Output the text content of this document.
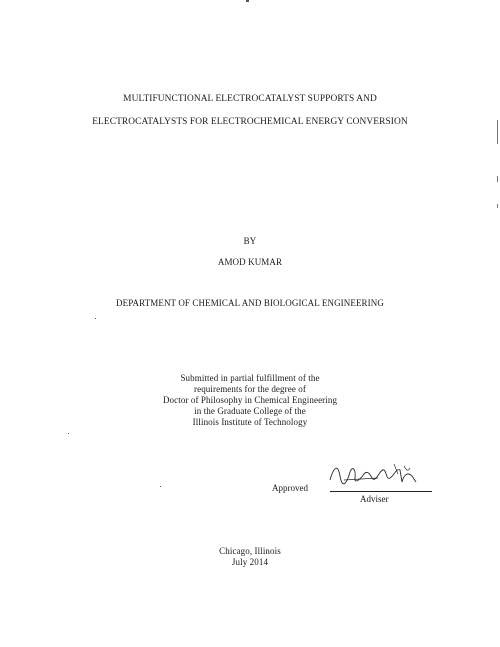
MULTIFUNCTIONAL ELECTROCATALYST SUPPORTS AND
ELECTROCATALYSTS FOR ELECTROCHEMICAL ENERGY CONVERSION
BY
AMOD KUMAR
DEPARTMENT OF CHEMICAL AND BIOLOGICAL ENGINEERING
Submitted in partial fulfillment of the
requirements for the degree of
Doctor of Philosophy in Chemical Engineering
in the Graduate College of the
Illinois Institute of Technology
Approved
Adviser
Chicago, Illinois
July 2014
